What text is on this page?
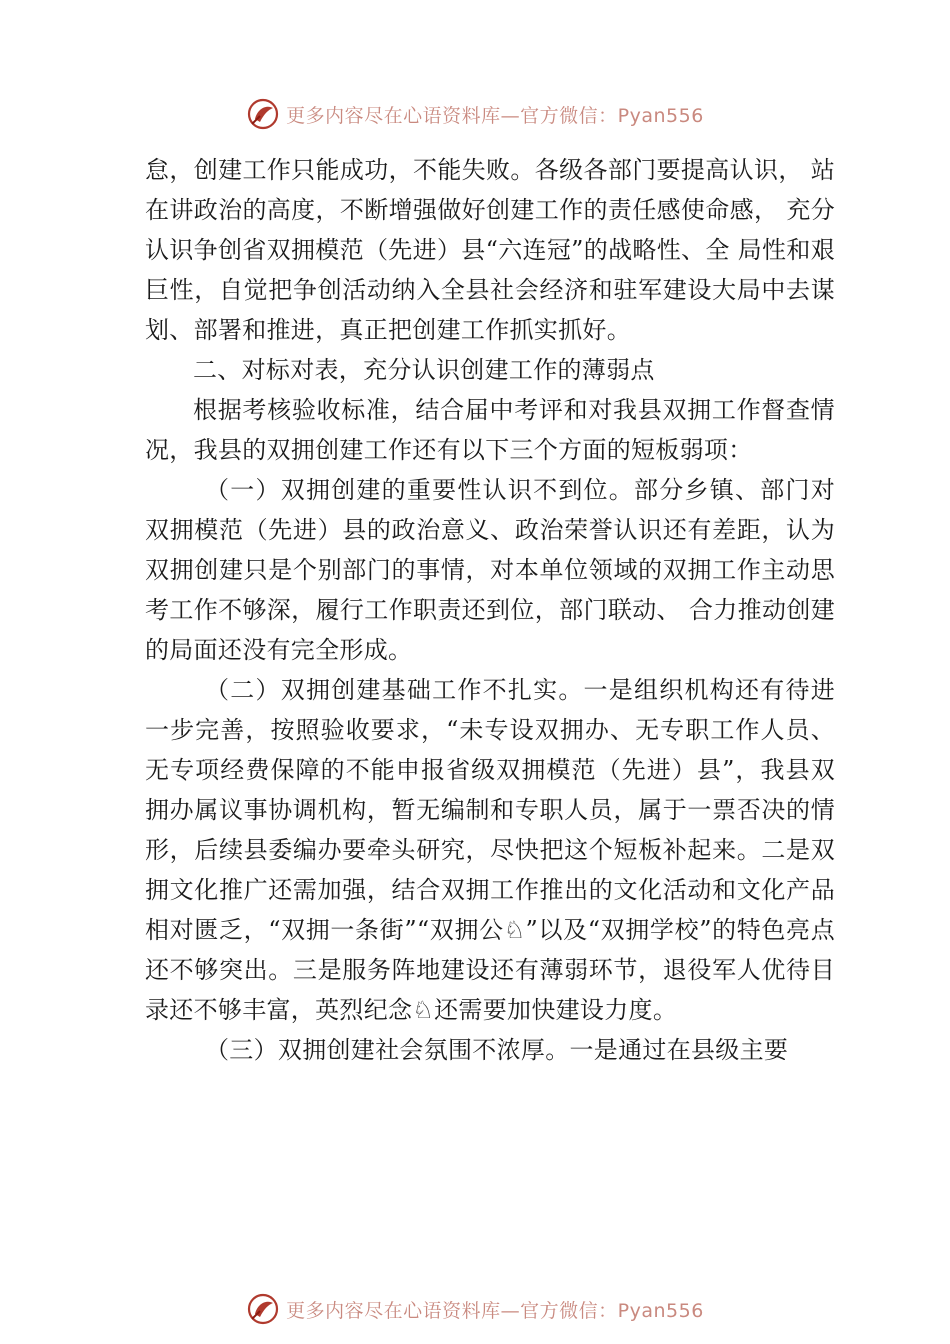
更多内容尽在心语资料库—官方微信：Pyan556

怠，创建工作只能成功，不能失败。各级各部门要提高认识， 站在讲政治的高度，不断增强做好创建工作的责任感使命感， 充分认识争创省双拥模范（先进）县“六连冠”的战略性、全 局性和艰巨性，自觉把争创活动纳入全县社会经济和驻军建设大局中去谋划、部署和推进，真正把创建工作抓实抓好。

二、对标对表，充分认识创建工作的薄弱点

根据考核验收标准，结合届中考评和对我县双拥工作督查情况，我县的双拥创建工作还有以下三个方面的短板弱项：

（一）双拥创建的重要性认识不到位。部分乡镇、部门对双拥模范（先进）县的政治意义、政治荣誉认识还有差距，认为双拥创建只是个别部门的事情，对本单位领域的双拥工作主动思考工作不够深，履行工作职责还到位，部门联动、 合力推动创建的局面还没有完全形成。

（二）双拥创建基础工作不扎实。一是组织机构还有待进一步完善，按照验收要求，“未专设双拥办、无专职工作人员、无专项经费保障的不能申报省级双拥模范（先进）县”，我县双拥办属议事协调机构，暂无编制和专职人员，属于一票否决的情形，后续县委编办要牵头研究，尽快把这个短板补起来。二是双拥文化推广还需加强，结合双拥工作推出的文化活动和文化产品相对匮乏，“双拥一条街”“双拥公♘”以及“双拥学校”的特色亮点还不够突出。三是服务阵地建设还有薄弱环节，退役军人优待目录还不够丰富，英烈纪念♘还需要加快建设力度。

（三）双拥创建社会氛围不浓厚。一是通过在县级主要

更多内容尽在心语资料库—官方微信：Pyan556
